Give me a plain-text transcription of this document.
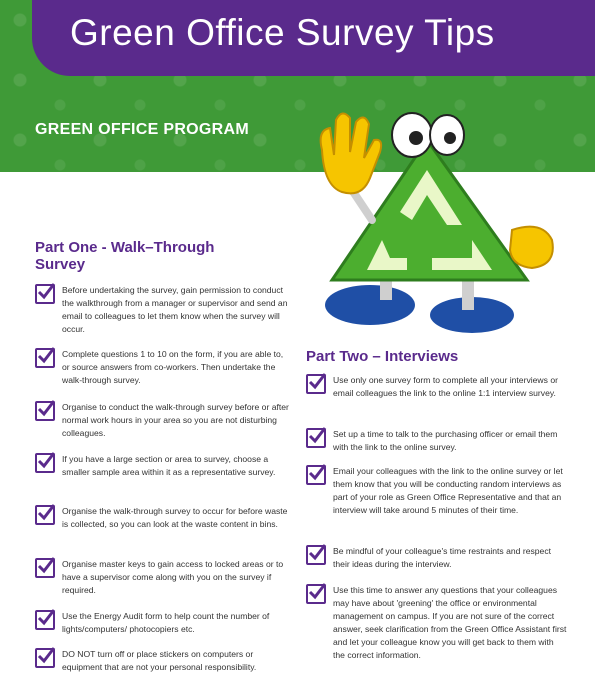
Green Office Survey Tips
GREEN OFFICE PROGRAM
Part One - Walk–Through Survey
Before undertaking the survey, gain permission to conduct the walkthrough from a manager or supervisor and send an email to colleagues to let them know when the survey will occur.
Complete questions 1 to 10 on the form, if you are able to, or source answers from co-workers. Then undertake the walk-through survey.
Organise to conduct the walk-through survey before or after normal work hours in your area so you are not disturbing colleagues.
If you have a large section or area to survey, choose a smaller sample area within it as a representative survey.
Organise the walk-through survey to occur for before waste is collected, so you can look at the waste content in bins.
Organise master keys to gain access to locked areas or to have a supervisor come along with you on the survey if required.
Use the Energy Audit form to help count the number of lights/computers/ photocopiers etc.
DO NOT turn off or place stickers on computers or equipment that are not your personal responsibility.
Part Two – Interviews
Use only one survey form to complete all your interviews or email colleagues the link to the online 1:1 interview survey.
Set up a time to talk to the purchasing officer or email them with the link to the online survey.
Email your colleagues with the link to the online survey or let them know that you will be conducting random interviews as part of your role as Green Office Representative and that an interview will take around 5 minutes of their time.
Be mindful of your colleague's time restraints and respect their ideas during the interview.
Use this time to answer any questions that your colleagues may have about 'greening' the office or environmental management on campus. If you are not sure of the correct answer, seek clarification from the Green Office Assistant first and let your colleague know you will get back to them with the correct information.
